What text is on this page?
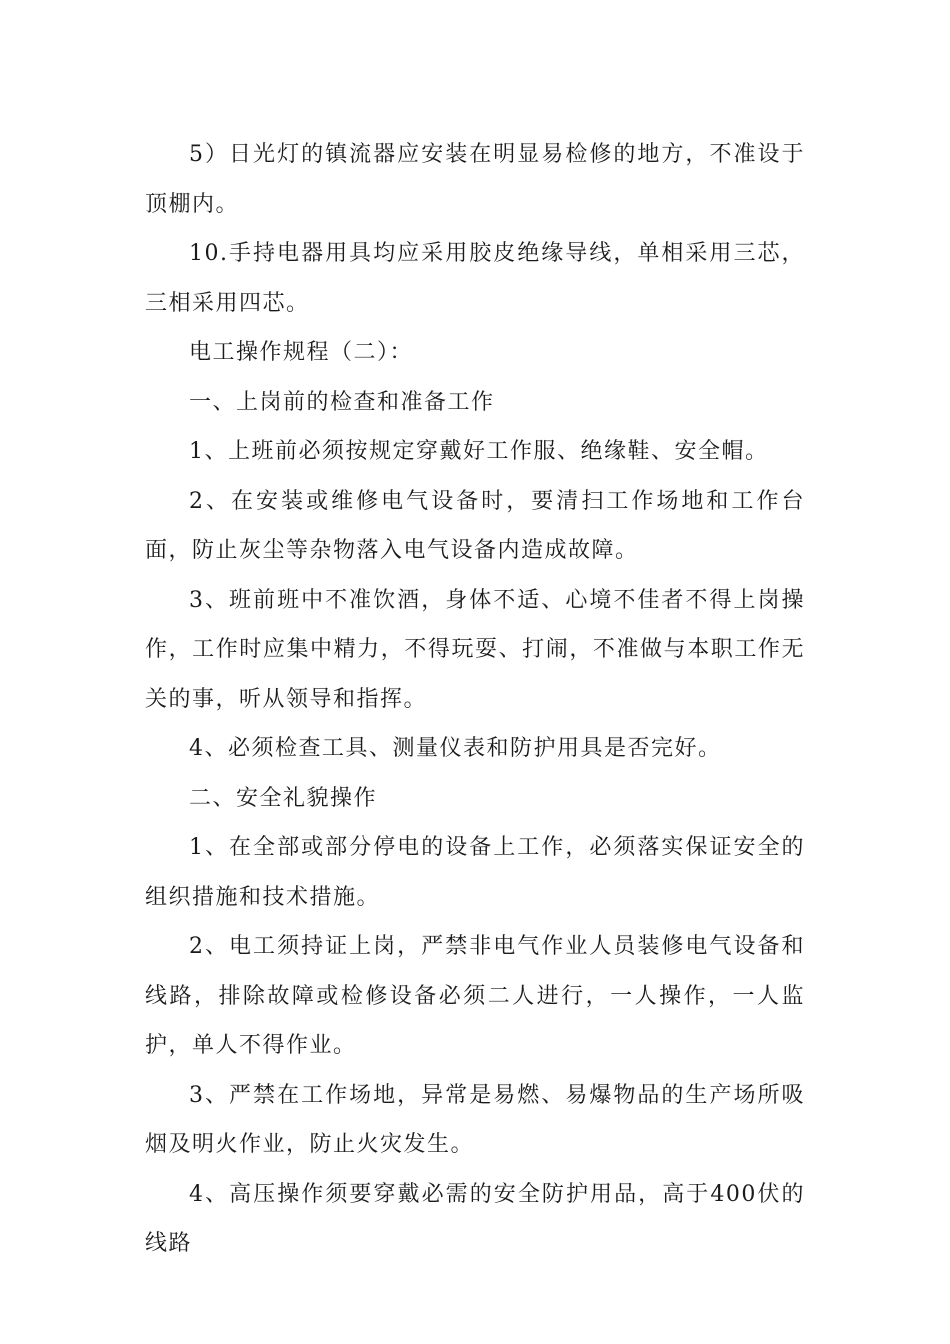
5）日光灯的镇流器应安装在明显易检修的地方，不准设于顶棚内。

10.手持电器用具均应采用胶皮绝缘导线，单相采用三芯，三相采用四芯。

电工操作规程（二）：

一、上岗前的检查和准备工作

1、上班前必须按规定穿戴好工作服、绝缘鞋、安全帽。

2、在安装或维修电气设备时，要清扫工作场地和工作台面，防止灰尘等杂物落入电气设备内造成故障。

3、班前班中不准饮酒，身体不适、心境不佳者不得上岗操作，工作时应集中精力，不得玩耍、打闹，不准做与本职工作无关的事，听从领导和指挥。

4、必须检查工具、测量仪表和防护用具是否完好。

二、安全礼貌操作

1、在全部或部分停电的设备上工作，必须落实保证安全的组织措施和技术措施。

2、电工须持证上岗，严禁非电气作业人员装修电气设备和线路，排除故障或检修设备必须二人进行，一人操作，一人监护，单人不得作业。

3、严禁在工作场地，异常是易燃、易爆物品的生产场所吸烟及明火作业，防止火灾发生。

4、高压操作须要穿戴必需的安全防护用品，高于400伏的线路
